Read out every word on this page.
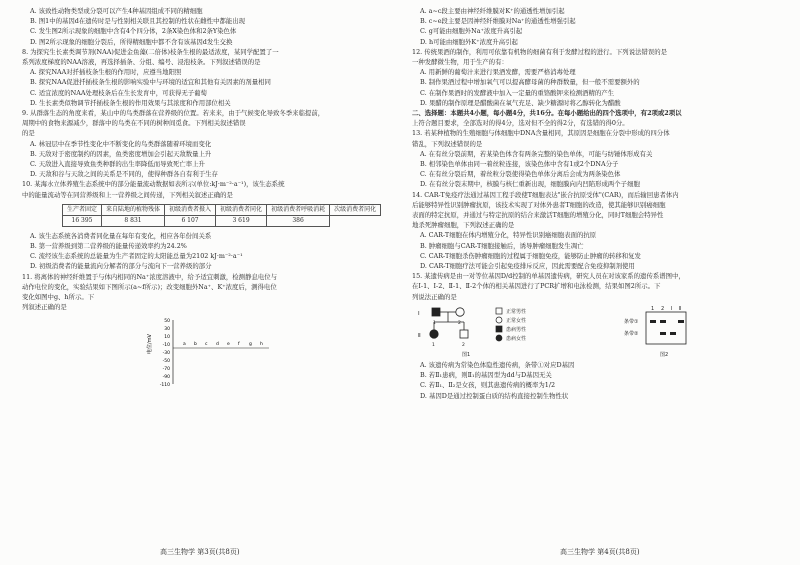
A. 该致性动物类型或分裂可以产生4种基因组成不同的精细胞
B. 图1中的基因d在遗传时是与性别相关联且其控制的性状在雌性中都能出现
C. 发生图2所示现象的细胞中含有4个四分体，2条X染色体和2条Y染色体
D. 图2所示现象的细胞分裂后，所得精细胞中都不含有该基因d发生交换
8. 为探究生长素类调节剂(NAA)促进金鱼藻(二倍体)枝条生根的最适浓度，某同学配置了一
系列浓度梯度的NAA溶液，再选择插条、分组、编号、浸泡枝条。下列叙述错误的是
A. 探究NAA对扦插枝条生根的作用时，应遵当地阳照
B. 探究NAA促进扦插枝条生根的影响实验中与环境的适宜和其他有关因素的剂量相同
C. 适宜浓度的NAA处理枝条后在生长发育中，可获得无子葡萄
D. 生长素类似物调节扦插枝条生根的作用效果与其浓度和作用部位相关
9. 从群落生态的角度来看，某山中的鸟类群落在营养级的位置。若来来，由于气候变化导致冬季来临提前，
周期中的食物来源减少，群落中的鸟类在不同的树种间觅食。下列相关叙述错误
的是
A. 林冠层中在季节性变化中不断变化的鸟类群落随着环境而变化
B. 天敌对于密度制约的因素，鱼类密度增加会引起天敌数量上升
C. 天敌进入直接导致鱼类种群的出生率降低而导致死亡率上升
D. 天敌和谷与天敌之间的关系是不同的，使得种群各自有利于生存
10. 某海水立体养殖生态系统中的部分能量流动数据如表所示(单位:kJ·m⁻²·a⁻¹)，该生态系统
中的能量流动等在同营养级和上一营养级之间传递，下列相关叙述正确的是
生产者固定	来自陆地的植物残体	初级消费者摄入	初级消费者同化	初级消费者呼吸消耗	次级消费者同化
16 395	8 831	6 107	3 619	386	
A. 该生态系统各消费者同化量在每年有变化，相应各年份间关系
B. 第一营养级到第二营养级的能量传递效率约为24.2%
C. 流经该生态系统的总能量为生产者固定的太阳能总量为2102 kJ·m⁻²·a⁻¹
D. 初级消费者的能量流向分解者的部分与流向下一营养级的部分
11. 将离体的神经纤维置于与体内相同的Na⁺浓度溶液中，给予适宜刺激，检测静息电位与
动作电位的变化，实验结果如下图所示(a~f所示)；改变细胞外Na⁺、K⁺浓度后，测得电位
变化如图中g、h所示。下
列叙述正确的是
50
30
10
-10
-30
-50
-70
-90
-110
电位/mV	a b c d e f g h
A. a~c段主要由神经纤维膜对K⁺的通透性增加引起
B. c~e段主要是因神经纤维膜对Na⁺的通透性增强引起
C. g可能由细胞外Na⁺浓度升高引起
D. h可能由细胞外K⁺浓度升高引起
12. 传统果酒的制作，利用可依靠有机物的细菌有利于发酵过程的进行。下列说法错误的是
一种发酵微生物，用于生产的有：
A. 用新鲜的葡萄汁来进行果酒发酵，需要严格消毒处理
B. 制作果酒过程中增加氧气可以提高酵母菌的种群数量，但一般不需要额外的
C. 在制作果酒时的发酵液中加入一定量的重铬酸钾来检测酒精的产生
D. 果醋的制作原理是醋酸菌在氧气充足、缺少糖源时将乙醇转化为醋酸
二、选择题：本题共4小题，每小题4分，共16分。在每小题给出的四个选项中，有2项或2项以
上符合题目要求，全部选对的得4分，选对但不全的得2分，有选错的得0分。
13. 若某种植物的生殖细胞与体细胞中DNA含量相同，其原因是细胞在分裂中形成的四分体
错乱，下列叙述错误的是
A. 在有丝分裂前期，若某染色体含有两条完整的染色单体，可能与纺锤体形成有关
B. 相邻染色单体由同一着丝粒连接，该染色体中含有1或2个DNA分子
C. 在有丝分裂后期，着丝粒分裂使得染色单体分离后会成为两条染色体
D. 在有丝分裂末期中，核膜与核仁重新出现，细胞膜向内凹陷形成两个子细胞
14. CAR-T免疫疗法通过基因工程手段使T细胞表达"嵌合抗原受体"(CAR)，而后输回患者体内
后能够特异性识别肿瘤抗原，该技术实现了对体外患者T细胞的改造，使其能够识别癌细胞
表面的特定抗原，并通过与特定抗原的结合来激活T细胞的增殖分化，同时T细胞会特异性
地杀死肿瘤细胞，下列叙述正确的是
A. CAR-T细胞在体内增殖分化，特异性识别癌细胞表面的抗原
B. 肿瘤细胞与CAR-T细胞接触后，诱导肿瘤细胞发生凋亡
C. CAR-T细胞杀伤肿瘤细胞的过程属于细胞免疫，能够防止肿瘤的转移和复发
D. CAR-T细胞疗法可能会引起免疫排斥反应，因此需要配合免疫抑制剂使用
15. 某遗传病是由一对等位基因D/d控制的单基因遗传病，研究人员在对该家系的遗传系谱图中，
在Ⅰ-1、Ⅰ-2、Ⅱ-1、Ⅱ-2个体的相关基因进行了PCR扩增和电泳检测，结果如图2所示。下
列说法正确的是
Ⅰ
Ⅱ
1	2
1	2
正常男性
正常女性
患病男性
患病女性
图1
1 2 Ⅰ Ⅱ
条带①
条带②
图2
A. 该遗传病为常染色体隐性遗传病，条带①对应D基因
B. 若Ⅱ₁患病，则Ⅱ₁的基因型为dd与D基因无关
C. 若Ⅱ₁、Ⅱ₂是女孩，则其患遗传病的概率为1/2
D. 基因D是通过控制蛋白质的结构直接控制生物性状
高三生物学 第3页(共8页)	高三生物学 第4页(共8页)
